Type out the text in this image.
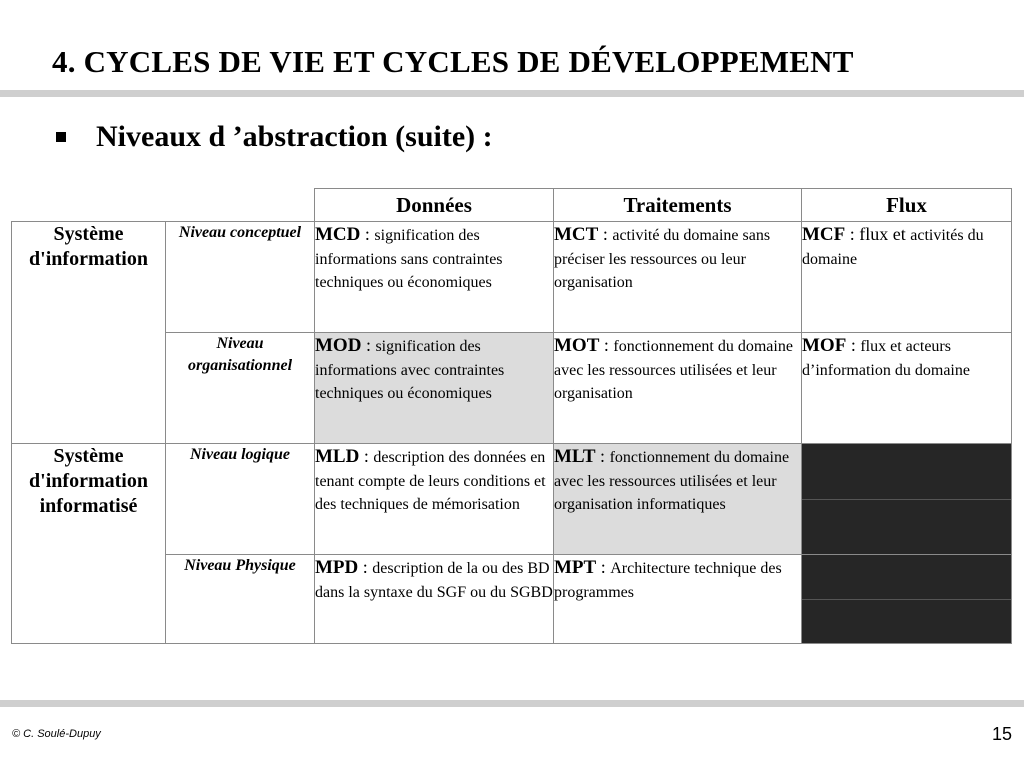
4. CYCLES DE VIE ET CYCLES DE DÉVELOPPEMENT
Niveaux d ’abstraction (suite) :
		Données	Traitements	Flux
Système d'information	Niveau conceptuel	MCD : signification des informations sans contraintes techniques ou économiques	MCT : activité du domaine sans préciser les ressources ou leur organisation	MCF : flux et activités du domaine
	Niveau organisationnel	MOD : signification des informations avec contraintes techniques ou économiques	MOT : fonctionnement du domaine avec les ressources utilisées et leur organisation	MOF : flux et acteurs d’information du domaine
Système d'information informatisé	Niveau logique	MLD : description des données en tenant compte de leurs conditions et des techniques de mémorisation	MLT : fonctionnement du domaine avec les ressources utilisées et leur organisation informatiques	
	Niveau Physique	MPD : description de la ou des BD dans la syntaxe du SGF ou du SGBD	MPT : Architecture technique des programmes	
© C. Soulé-Dupuy	15
